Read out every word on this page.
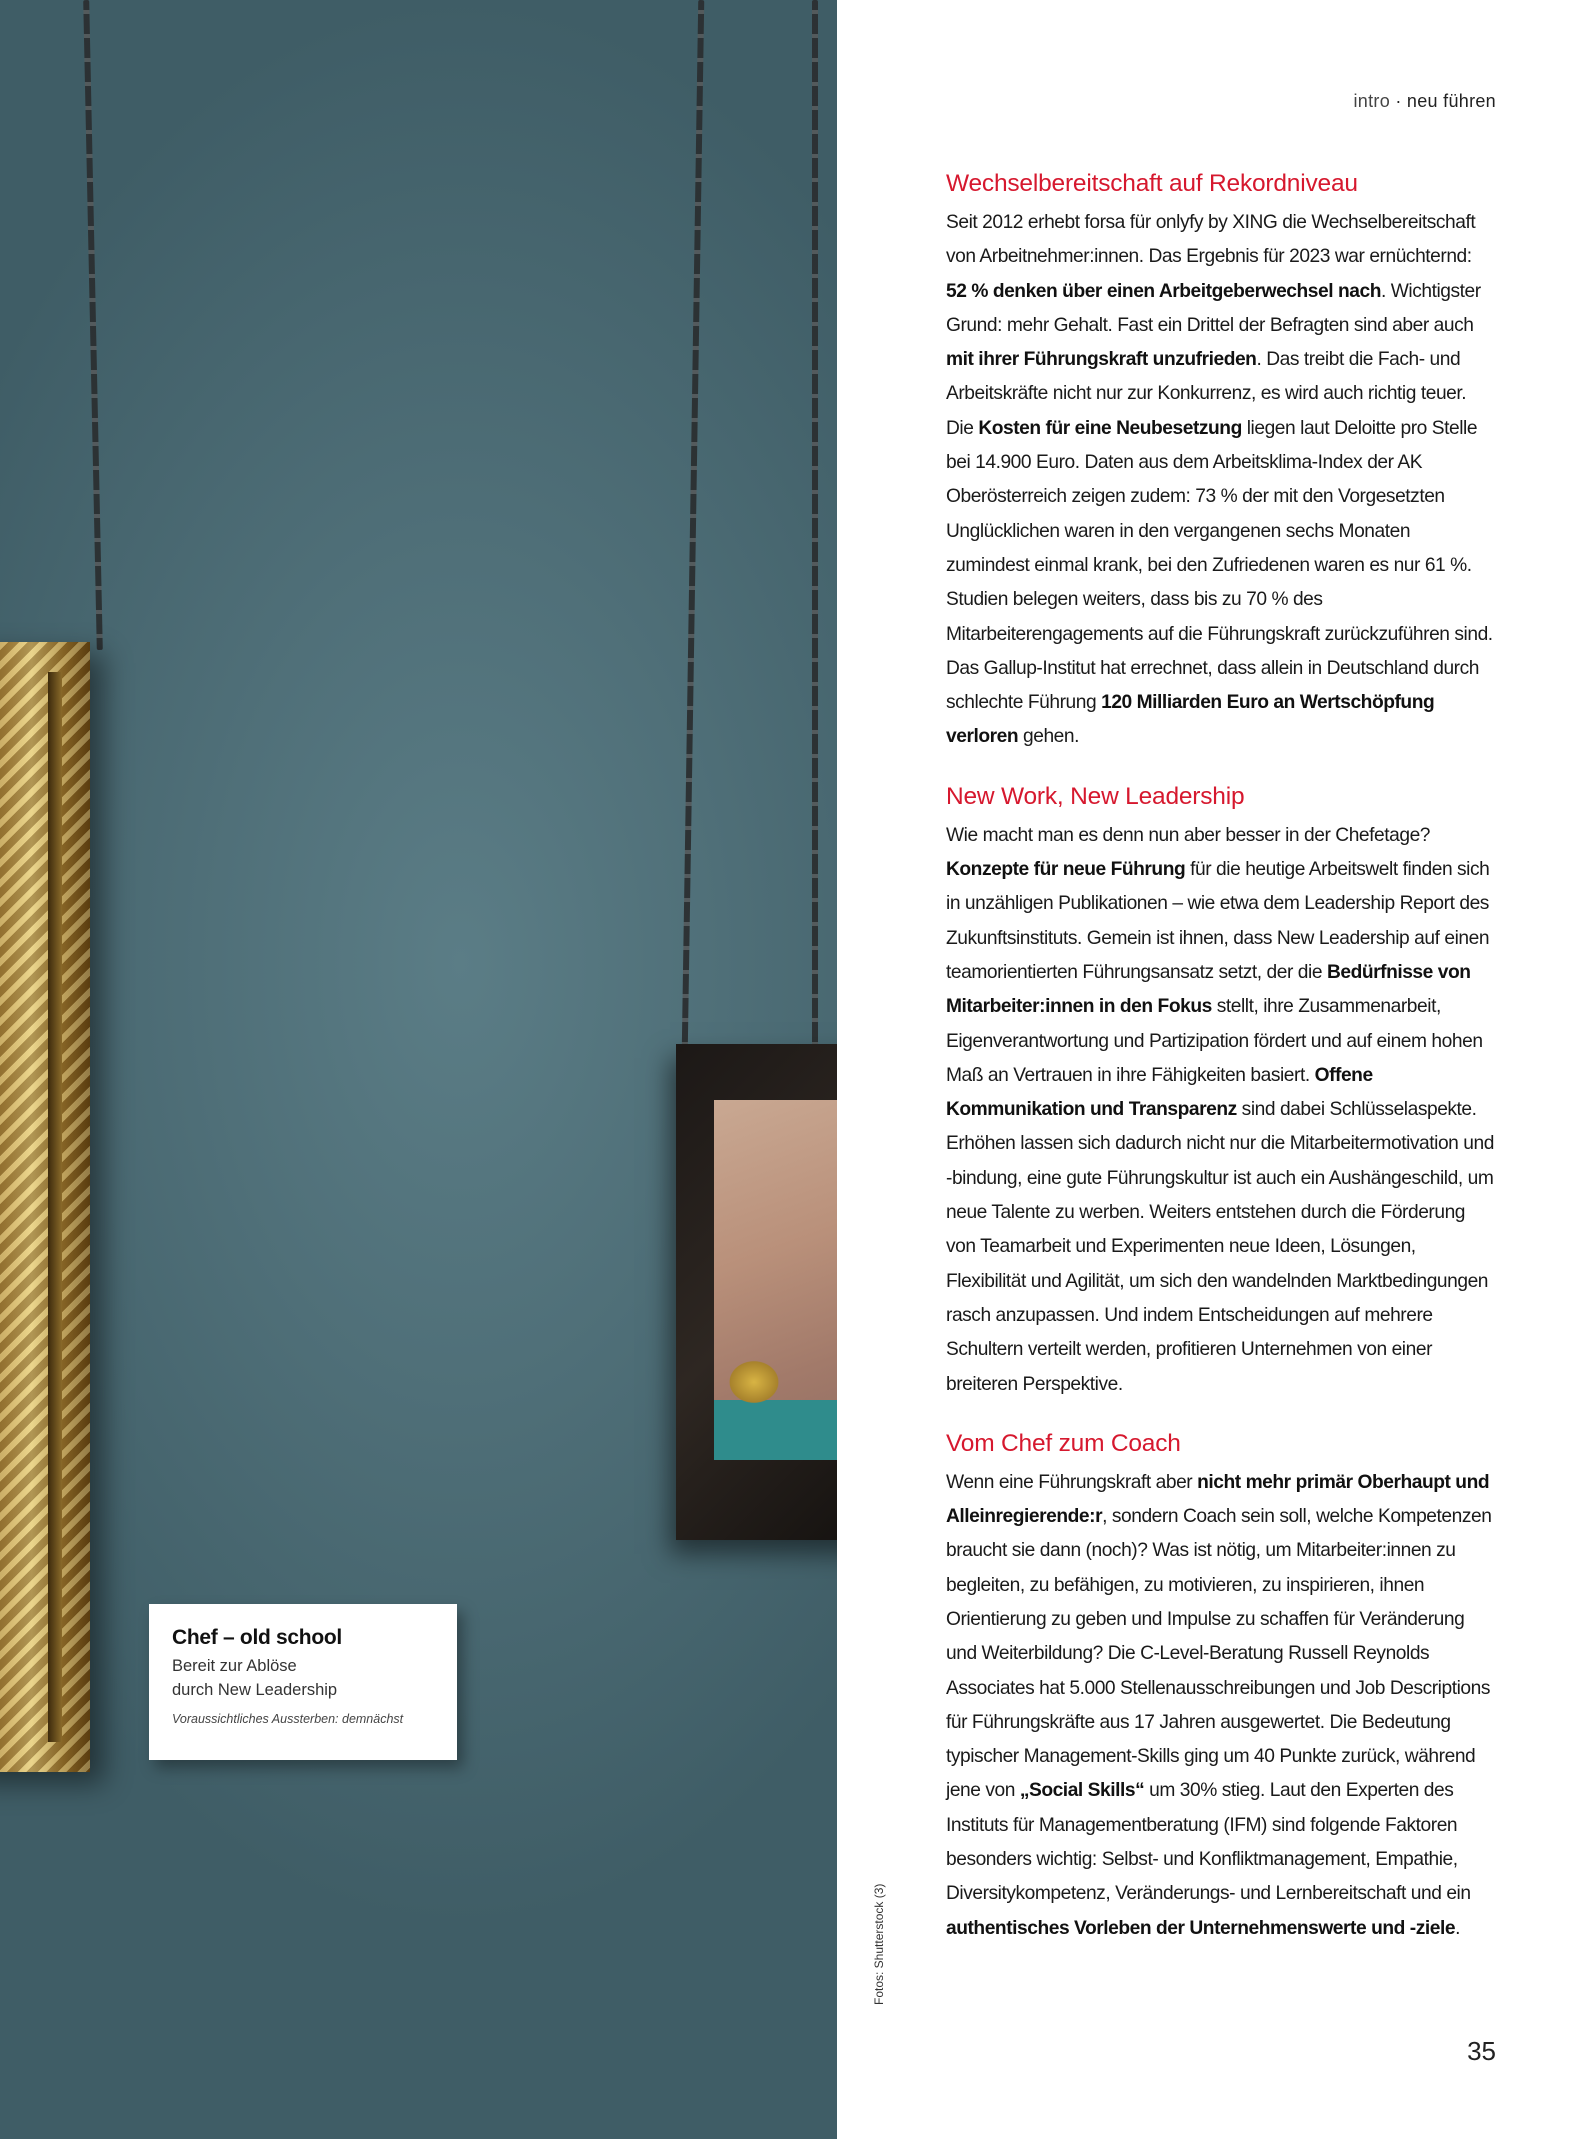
Chef – old school
Bereit zur Ablöse
durch New Leadership
Voraussichtliches Aussterben: demnächst
Fotos: Shutterstock (3)
intro · neu führen
Wechselbereitschaft auf Rekordniveau

Seit 2012 erhebt forsa für onlyfy by XING die Wechselbereitschaft von Arbeitnehmer:innen. Das Ergebnis für 2023 war ernüchternd: 52 % denken über einen Arbeitgeberwechsel nach. Wichtigster Grund: mehr Gehalt. Fast ein Drittel der Befragten sind aber auch mit ihrer Führungskraft unzufrieden. Das treibt die Fach- und Arbeitskräfte nicht nur zur Konkurrenz, es wird auch richtig teuer. Die Kosten für eine Neubesetzung liegen laut Deloitte pro Stelle bei 14.900 Euro. Daten aus dem Arbeitsklima-Index der AK Oberösterreich zeigen zudem: 73 % der mit den Vorgesetzten Unglücklichen waren in den vergangenen sechs Monaten zumindest einmal krank, bei den Zufriedenen waren es nur 61 %. Studien belegen weiters, dass bis zu 70 % des Mitarbeiterengagements auf die Führungskraft zurückzuführen sind. Das Gallup-Institut hat errechnet, dass allein in Deutschland durch schlechte Führung 120 Milliarden Euro an Wertschöpfung verloren gehen.

New Work, New Leadership

Wie macht man es denn nun aber besser in der Chefetage? Konzepte für neue Führung für die heutige Arbeitswelt finden sich in unzähligen Publikationen – wie etwa dem Leadership Report des Zukunftsinstituts. Gemein ist ihnen, dass New Leadership auf einen teamorientierten Führungsansatz setzt, der die Bedürfnisse von Mitarbeiter:innen in den Fokus stellt, ihre Zusammenarbeit, Eigenverantwortung und Partizipation fördert und auf einem hohen Maß an Vertrauen in ihre Fähigkeiten basiert. Offene Kommunikation und Transparenz sind dabei Schlüsselaspekte. Erhöhen lassen sich dadurch nicht nur die Mitarbeitermotivation und -bindung, eine gute Führungskultur ist auch ein Aushängeschild, um neue Talente zu werben. Weiters entstehen durch die Förderung von Teamarbeit und Experimenten neue Ideen, Lösungen, Flexibilität und Agilität, um sich den wandelnden Marktbedingungen rasch anzupassen. Und indem Entscheidungen auf mehrere Schultern verteilt werden, profitieren Unternehmen von einer breiteren Perspektive.

Vom Chef zum Coach

Wenn eine Führungskraft aber nicht mehr primär Oberhaupt und Alleinregierende:r, sondern Coach sein soll, welche Kompetenzen braucht sie dann (noch)? Was ist nötig, um Mitarbeiter:innen zu begleiten, zu befähigen, zu motivieren, zu inspirieren, ihnen Orientierung zu geben und Impulse zu schaffen für Veränderung und Weiterbildung? Die C-Level-Beratung Russell Reynolds Associates hat 5.000 Stellenausschreibungen und Job Descriptions für Führungskräfte aus 17 Jahren ausgewertet. Die Bedeutung typischer Management-Skills ging um 40 Punkte zurück, während jene von „Social Skills“ um 30% stieg. Laut den Experten des Instituts für Managementberatung (IFM) sind folgende Faktoren besonders wichtig: Selbst- und Konfliktmanagement, Empathie, Diversitykompetenz, Veränderungs- und Lernbereitschaft und ein authentisches Vorleben der Unternehmenswerte und -ziele.

35
